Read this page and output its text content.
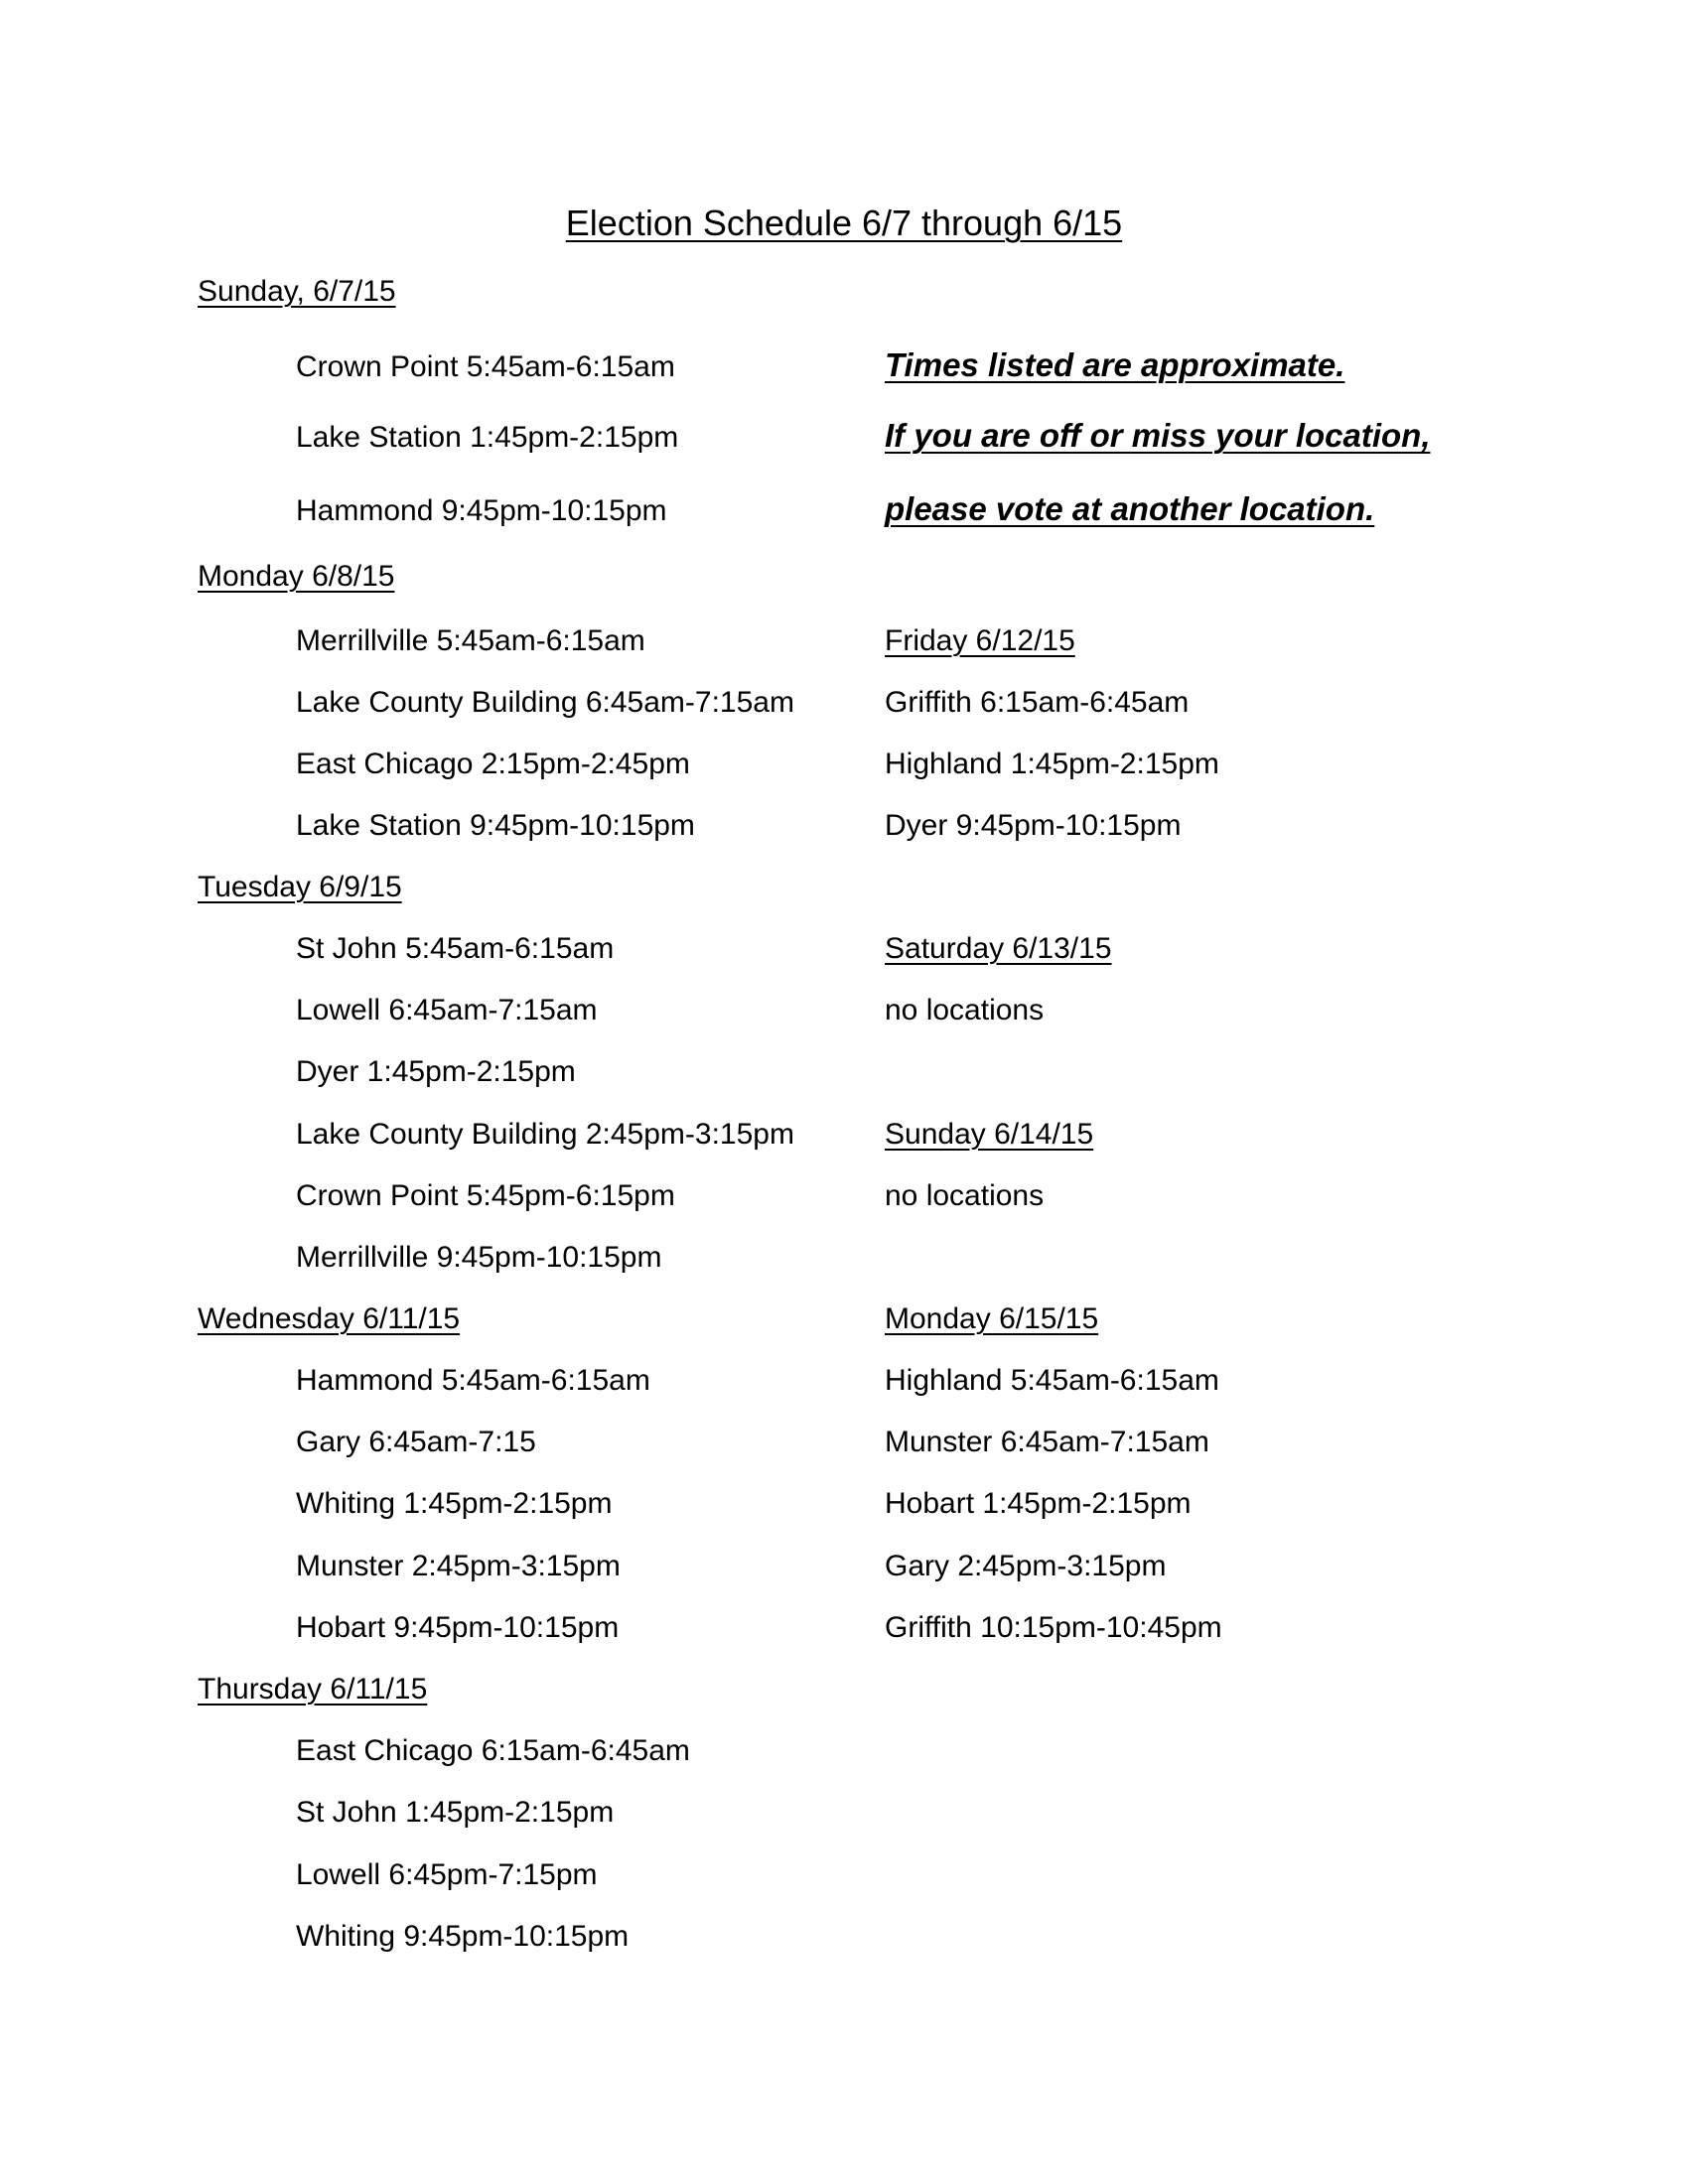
Election Schedule 6/7 through 6/15
Sunday, 6/7/15
Crown Point 5:45am-6:15am
Lake Station 1:45pm-2:15pm
Hammond 9:45pm-10:15pm
Times listed are approximate.
If you are off or miss your location,
please vote at another location.
Monday 6/8/15
Merrillville 5:45am-6:15am
Lake County Building 6:45am-7:15am
East Chicago 2:15pm-2:45pm
Lake Station 9:45pm-10:15pm
Friday 6/12/15
Griffith 6:15am-6:45am
Highland 1:45pm-2:15pm
Dyer 9:45pm-10:15pm
Tuesday 6/9/15
St John 5:45am-6:15am
Lowell 6:45am-7:15am
Dyer 1:45pm-2:15pm
Lake County Building 2:45pm-3:15pm
Crown Point 5:45pm-6:15pm
Merrillville 9:45pm-10:15pm
Saturday 6/13/15
no locations
Sunday 6/14/15
no locations
Wednesday 6/11/15
Hammond 5:45am-6:15am
Gary 6:45am-7:15
Whiting 1:45pm-2:15pm
Munster 2:45pm-3:15pm
Hobart 9:45pm-10:15pm
Monday 6/15/15
Highland 5:45am-6:15am
Munster 6:45am-7:15am
Hobart 1:45pm-2:15pm
Gary 2:45pm-3:15pm
Griffith 10:15pm-10:45pm
Thursday 6/11/15
East Chicago 6:15am-6:45am
St John 1:45pm-2:15pm
Lowell 6:45pm-7:15pm
Whiting 9:45pm-10:15pm
